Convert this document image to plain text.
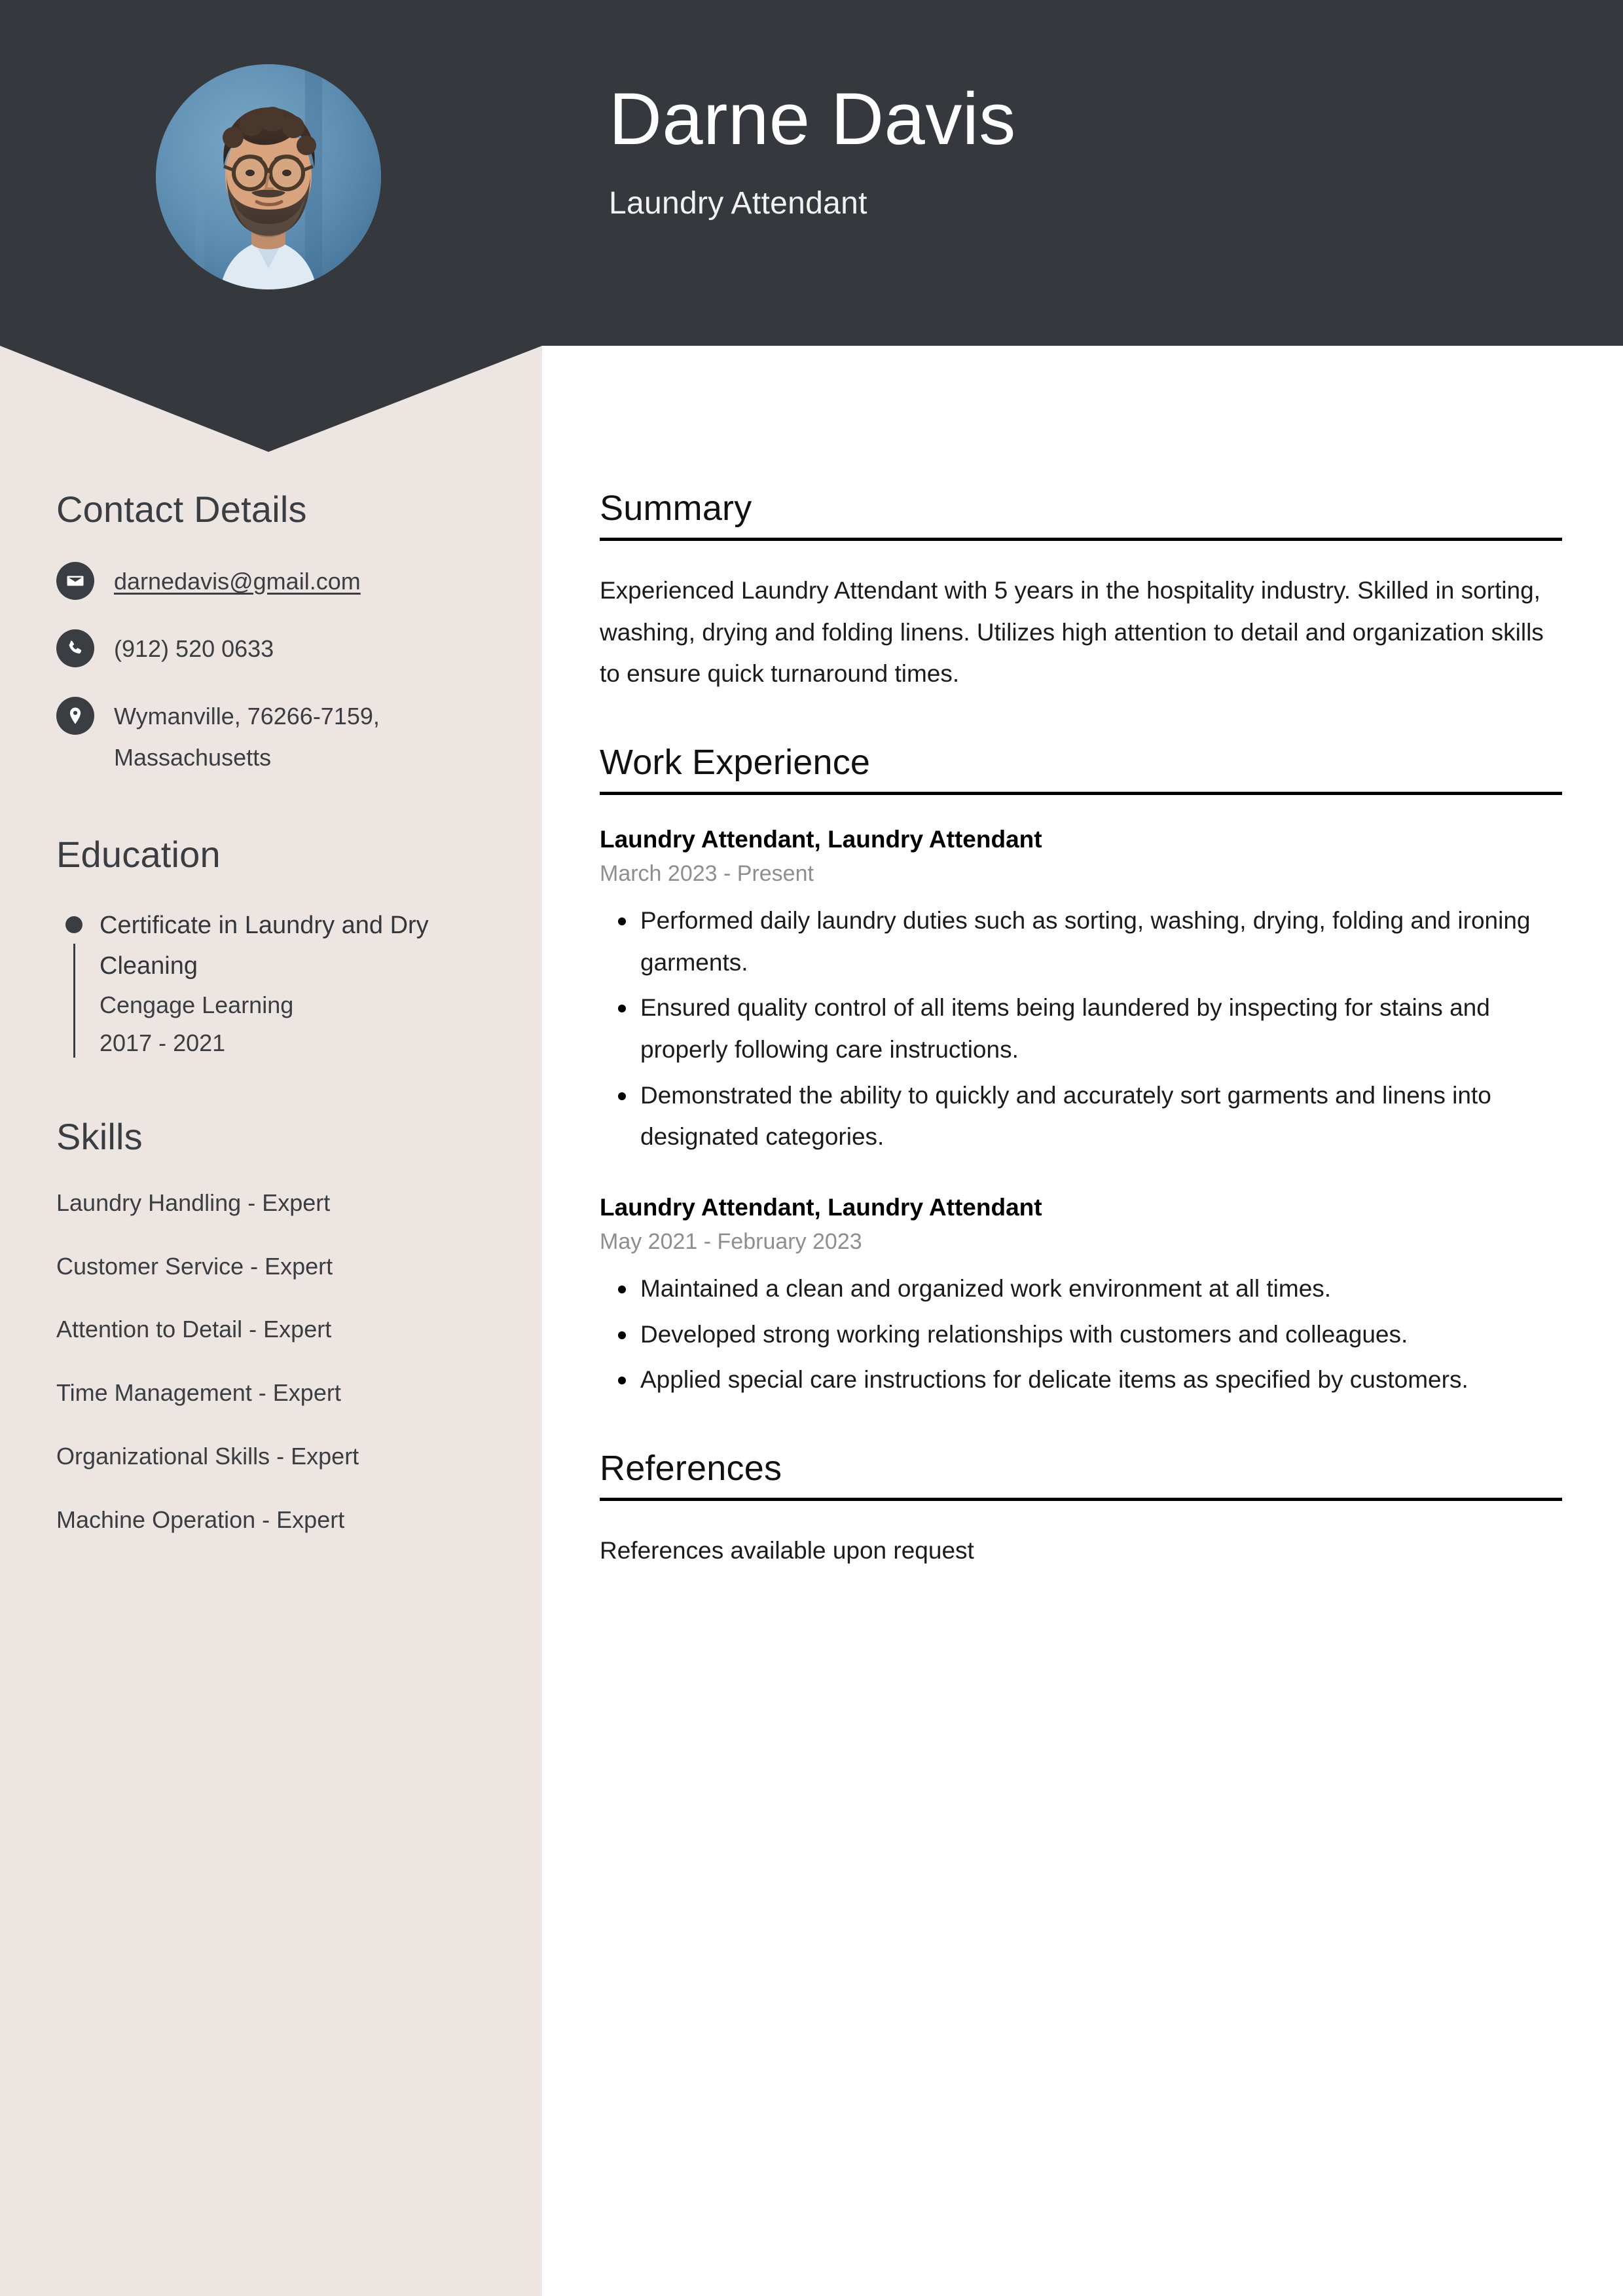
Darne Davis
Laundry Attendant
Contact Details
darnedavis@gmail.com
(912) 520 0633
Wymanville, 76266-7159, Massachusetts
Education
Certificate in Laundry and Dry Cleaning
Cengage Learning
2017 - 2021
Skills
Laundry Handling - Expert
Customer Service - Expert
Attention to Detail - Expert
Time Management - Expert
Organizational Skills - Expert
Machine Operation - Expert
Summary

Experienced Laundry Attendant with 5 years in the hospitality industry. Skilled in sorting, washing, drying and folding linens. Utilizes high attention to detail and organization skills to ensure quick turnaround times.

Work Experience
Laundry Attendant, Laundry Attendant
March 2023 - Present
Performed daily laundry duties such as sorting, washing, drying, folding and ironing garments.
Ensured quality control of all items being laundered by inspecting for stains and properly following care instructions.
Demonstrated the ability to quickly and accurately sort garments and linens into designated categories.
Laundry Attendant, Laundry Attendant
May 2021 - February 2023
Maintained a clean and organized work environment at all times.
Developed strong working relationships with customers and colleagues.
Applied special care instructions for delicate items as specified by customers.
References

References available upon request
